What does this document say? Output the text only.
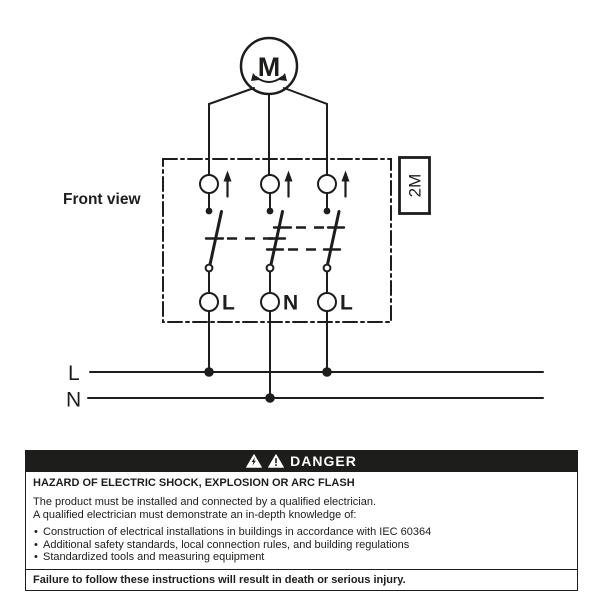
M
Front view
2M
L N L
L
N
DANGER
HAZARD OF ELECTRIC SHOCK, EXPLOSION OR ARC FLASH
The product must be installed and connected by a qualified electrician.
A qualified electrician must demonstrate an in-depth knowledge of:
• Construction of electrical installations in buildings in accordance with IEC 60364
• Additional safety standards, local connection rules, and building regulations
• Standardized tools and measuring equipment
Failure to follow these instructions will result in death or serious injury.
